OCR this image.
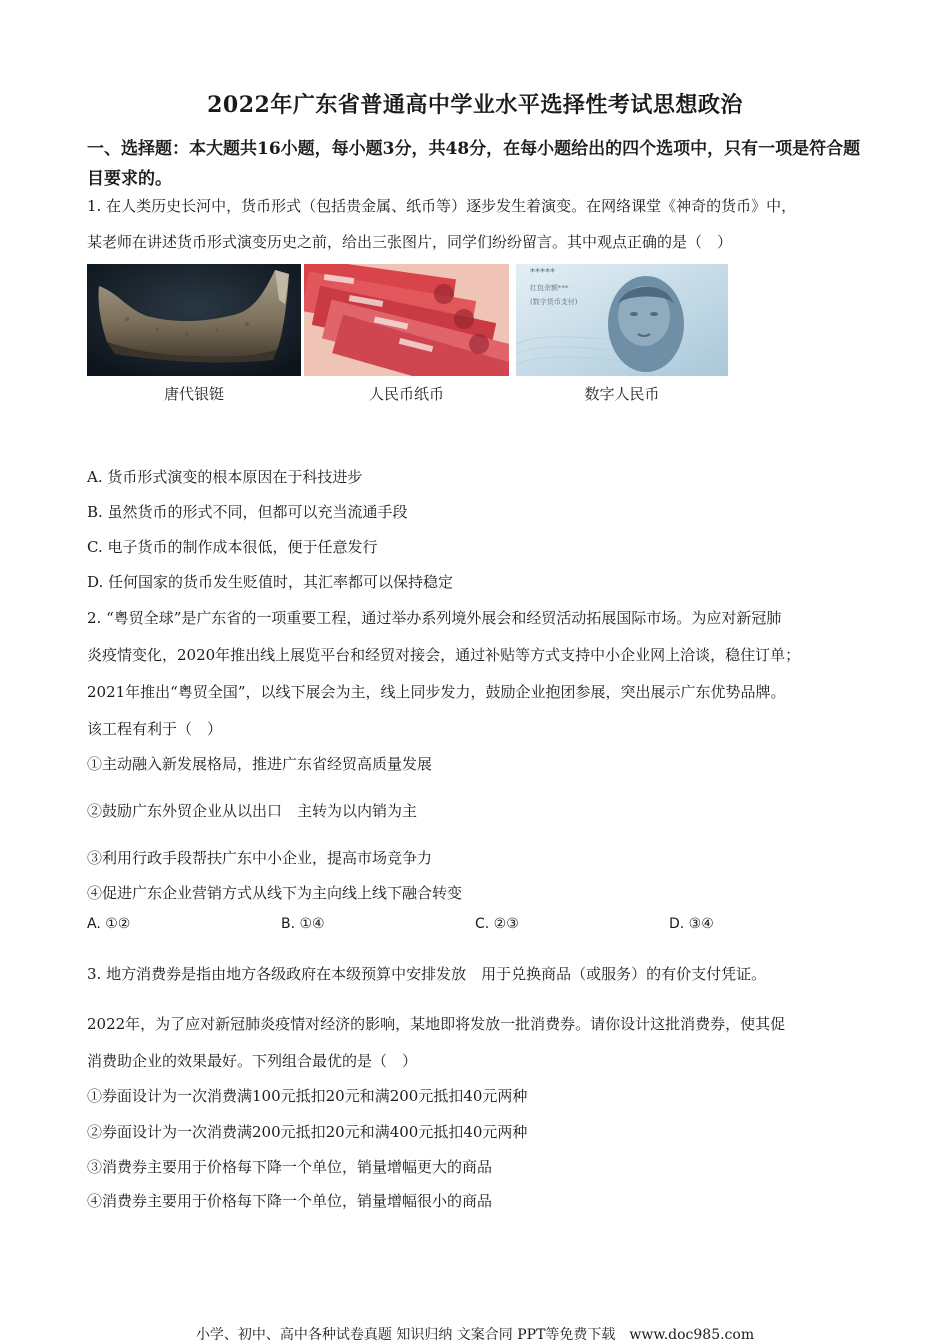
2022年广东省普通高中学业水平选择性考试思想政治
一、选择题：本大题共16小题，每小题3分，共48分，在每小题给出的四个选项中，只有一项是符合题目要求的。
1. 在人类历史长河中，货币形式（包括贵金属、纸币等）逐步发生着演变。在网络课堂《神奇的货币》中，
某老师在讲述货币形式演变历史之前，给出三张图片，同学们纷纷留言。其中观点正确的是（　）
*****
红包余额***
(数字货币支付)
唐代银铤	人民币纸币	数字人民币
A. 货币形式演变的根本原因在于科技进步
B. 虽然货币的形式不同，但都可以充当流通手段
C. 电子货币的制作成本很低，便于任意发行
D. 任何国家的货币发生贬值时，其汇率都可以保持稳定
2. “粤贸全球”是广东省的一项重要工程，通过举办系列境外展会和经贸活动拓展国际市场。为应对新冠肺
炎疫情变化，2020年推出线上展览平台和经贸对接会，通过补贴等方式支持中小企业网上洽谈，稳住订单；
2021年推出“粤贸全国”，以线下展会为主，线上同步发力，鼓励企业抱团参展，突出展示广东优势品牌。
该工程有利于（　）
①主动融入新发展格局，推进广东省经贸高质量发展
②鼓励广东外贸企业从以出口　主转为以内销为主
③利用行政手段帮扶广东中小企业，提高市场竞争力
④促进广东企业营销方式从线下为主向线上线下融合转变
A. ①②	B. ①④	C. ②③	D. ③④
3. 地方消费券是指由地方各级政府在本级预算中安排发放　用于兑换商品（或服务）的有价支付凭证。
2022年，为了应对新冠肺炎疫情对经济的影响，某地即将发放一批消费券。请你设计这批消费券，使其促
消费助企业的效果最好。下列组合最优的是（　）
①券面设计为一次消费满100元抵扣20元和满200元抵扣40元两种
②券面设计为一次消费满200元抵扣20元和满400元抵扣40元两种
③消费券主要用于价格每下降一个单位，销量增幅更大的商品
④消费券主要用于价格每下降一个单位，销量增幅很小的商品
小学、初中、高中各种试卷真题 知识归纳 文案合同 PPT等免费下载　www.doc985.com
